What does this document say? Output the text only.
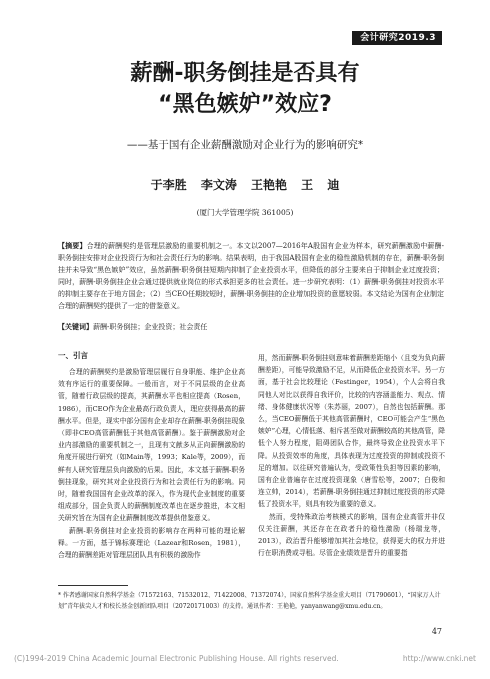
会计研究2019.3
薪酬-职务倒挂是否具有
“黑色嫉妒”效应?
——基于国有企业薪酬激励对企业行为的影响研究*
于李胜 李文涛 王艳艳 王 迪
(厦门大学管理学院 361005)

【摘要】合理的薪酬契约是管理层激励的重要机制之一。本文以2007—2016年A股国有企业为样本，研究薪酬激励中薪酬-职务倒挂安排对企业投资行为和社会责任行为的影响。结果表明，由于我国A股国有企业的稳性激励机制的存在，薪酬-职务倒挂并未导致“黑色嫉妒”效应，虽然薪酬-职务倒挂短期内抑制了企业投资水平，但降低的部分主要来自于抑制企业过度投资；同时，薪酬-职务倒挂企业会通过提供就业岗位的形式承担更多的社会责任。进一步研究表明：（1）薪酬-职务倒挂对投资水平的抑制主要存在于地方国企；（2）当CEO任期较短时，薪酬-职务倒挂的企业增加投资的意愿较弱。本文结论为国有企业制定合理的薪酬契约提供了一定的借鉴意义。

【关键词】薪酬-职务倒挂；企业投资；社会责任

一、引言

合理的薪酬契约是激励管理层履行自身职能、维护企业高效有序运行的重要保障。一般而言，对于不同层级的企业高管，随着行政层级的提高，其薪酬水平也相应提高（Rosen，1986），而CEO作为企业最高行政负责人，理应获得最高的薪酬水平。但是，现实中部分国有企业却存在薪酬-职务倒挂现象（即非CEO高管薪酬低于其他高管薪酬）。鉴于薪酬激励对企业内部激励的重要机制之一，且现有文献多从正向薪酬激励的角度开展进行研究（如Main等，1993；Kale等，2009），而鲜有人研究管理层负向激励的后果。因此，本文基于薪酬-职务倒挂现象，研究其对企业投资行为和社会责任行为的影响。同时，随着我国国有企业改革的深入，作为现代企业制度的重要组成部分，国企负责人的薪酬制度改革也在逐步推进，本文相关研究旨在为国有企业薪酬制度改革提供借鉴意义。

薪酬-职务倒挂对企业投资的影响存在两种可能的理论解释。一方面，基于锦标赛理论（Lazear和Rosen，1981），合理的薪酬差距对管理层团队具有积极的激励作

用，然而薪酬-职务倒挂则意味着薪酬差距缩小（且变为负向薪酬差距），可能导致激励不足，从而降低企业投资水平。另一方面，基于社会比较理论（Festinger，1954），个人会将自我同他人对比以获得自我评价，比较的内容涵盖能力、观点、情绪、身体健康状况等（朱苏丽，2007），自然也包括薪酬。那么，当CEO薪酬低于其他高管薪酬时，CEO可能会产生“黑色嫉妒”心理，心情低落、相斥甚至做对薪酬较高的其他高管，降低个人努力程度，阻碍团队合作，最终导致企业投资水平下降。从投资效率的角度，具体表现为过度投资的抑制或投资不足的增加。以往研究普遍认为，受政策性负担等因素的影响，国有企业普遍存在过度投资现象（唐雪松等，2007；白俊和连立帅，2014），若薪酬-职务倒挂通过抑制过度投资的形式降低了投资水平，则具有较为重要的意义。

然而，受特殊政治考核模式的影响，国有企业高管并非仅仅关注薪酬，其还存在在政者升的稳性激励（杨瑞龙等，2013），政治晋升能够增加其社会地位，获得更大的权力并进行在职消费或寻租。尽管企业绩效是晋升的重要指

* 作者感谢国家自然科学基金（71572163、71532012、71422008、71372074），国家自然科学基金重大项目（71790601），“国家万人计划”青年拔尖人才和校长基金创新团队项目（20720171003）的支持。通讯作者：王艳艳，yanyanwang@xmu.edu.cn。

47
(C)1994-2019 China Academic Journal Electronic Publishing House. All rights reserved.	http://www.cnki.net
